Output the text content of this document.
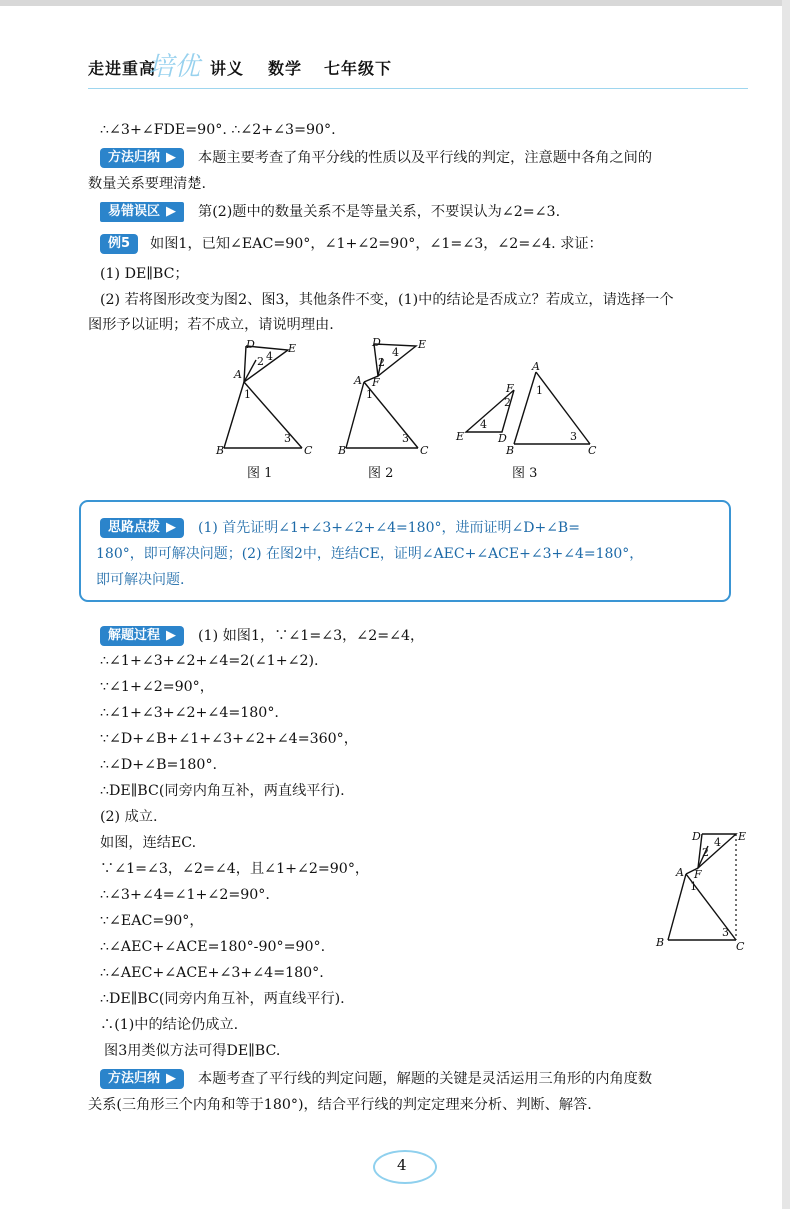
走进重高	讲义 数学 七年级下
培优
∴∠3+∠FDE=90°. ∴∠2+∠3=90°.
方法归纳 ▶ 本题主要考查了角平分线的性质以及平行线的判定，注意题中各角之间的
数量关系要理清楚.
易错误区 ▶ 第(2)题中的数量关系不是等量关系，不要误认为∠2=∠3.
例5 如图1，已知∠EAC=90°，∠1+∠2=90°，∠1=∠3，∠2=∠4. 求证：
(1) DE∥BC；
(2) 若将图形改变为图2、图3，其他条件不变，(1)中的结论是否成立？若成立，请选择一个
图形予以证明；若不成立，请说明理由.
D	E
A
B	C
2 4
1
3
图 1
D	E
A F
B	C
2
4
1
3
图 2
A
F
E	D
B	C
2
4
1
3
图 3
思路点拨 ▶ (1) 首先证明∠1+∠3+∠2+∠4=180°，进而证明∠D+∠B=
180°，即可解决问题；(2) 在图2中，连结CE，证明∠AEC+∠ACE+∠3+∠4=180°，
即可解决问题.
解题过程 ▶ (1) 如图1，∵∠1=∠3，∠2=∠4，
∴∠1+∠3+∠2+∠4=2(∠1+∠2).
∵∠1+∠2=90°，
∴∠1+∠3+∠2+∠4=180°.
∵∠D+∠B+∠1+∠3+∠2+∠4=360°，
∴∠D+∠B=180°.
∴DE∥BC(同旁内角互补，两直线平行).
(2) 成立.
如图，连结EC.
∵∠1=∠3，∠2=∠4，且∠1+∠2=90°，
∴∠3+∠4=∠1+∠2=90°.
∵∠EAC=90°，
∴∠AEC+∠ACE=180°-90°=90°.
∴∠AEC+∠ACE+∠3+∠4=180°.
∴DE∥BC(同旁内角互补，两直线平行).
∴(1)中的结论仍成立.
图3用类似方法可得DE∥BC.
D	E
A F
B	C
2
4
1
3
方法归纳 ▶ 本题考查了平行线的判定问题，解题的关键是灵活运用三角形的内角度数
关系(三角形三个内角和等于180°)，结合平行线的判定定理来分析、判断、解答.
4
